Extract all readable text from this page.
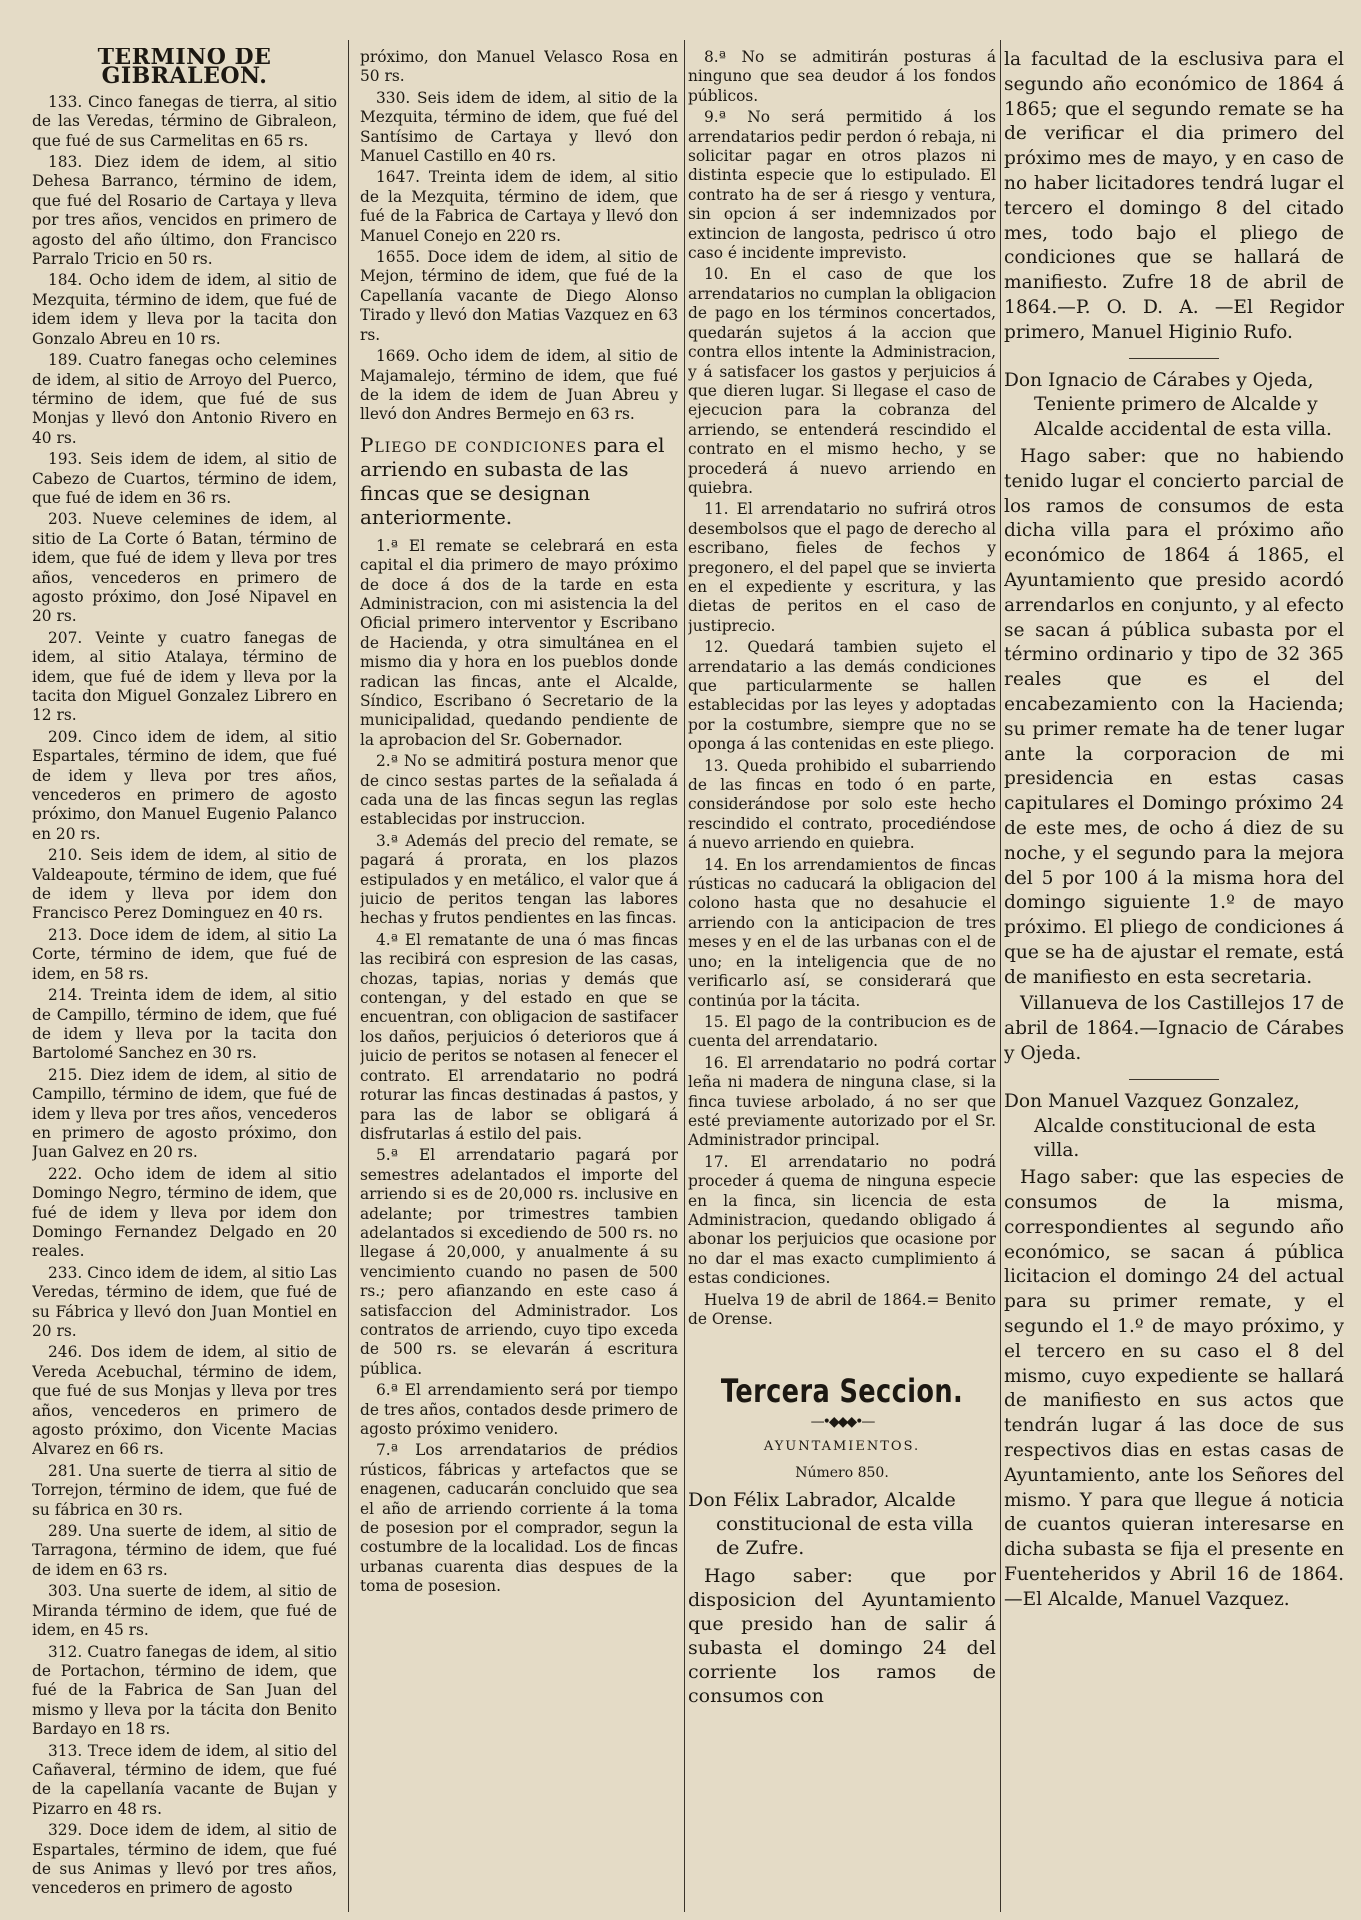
TERMINO DE GIBRALEON.

133. Cinco fanegas de tierra, al sitio de las Veredas, término de Gibraleon, que fué de sus Carmelitas en 65 rs.

183. Diez idem de idem, al sitio Dehesa Barranco, término de idem, que fué del Rosario de Cartaya y lleva por tres años, vencidos en primero de agosto del año último, don Francisco Parralo Tricio en 50 rs.

184. Ocho idem de idem, al sitio de Mezquita, término de idem, que fué de idem idem y lleva por la tacita don Gonzalo Abreu en 10 rs.

189. Cuatro fanegas ocho celemines de idem, al sitio de Arroyo del Puerco, término de idem, que fué de sus Monjas y llevó don Antonio Rivero en 40 rs.

193. Seis idem de idem, al sitio de Cabezo de Cuartos, término de idem, que fué de idem en 36 rs.

203. Nueve celemines de idem, al sitio de La Corte ó Batan, término de idem, que fué de idem y lleva por tres años, vencederos en primero de agosto próximo, don José Nipavel en 20 rs.

207. Veinte y cuatro fanegas de idem, al sitio Atalaya, término de idem, que fué de idem y lleva por la tacita don Miguel Gonzalez Librero en 12 rs.

209. Cinco idem de idem, al sitio Espartales, término de idem, que fué de idem y lleva por tres años, vencederos en primero de agosto próximo, don Manuel Eugenio Palanco en 20 rs.

210. Seis idem de idem, al sitio de Valdeapoute, término de idem, que fué de idem y lleva por idem don Francisco Perez Dominguez en 40 rs.

213. Doce idem de idem, al sitio La Corte, término de idem, que fué de idem, en 58 rs.

214. Treinta idem de idem, al sitio de Campillo, término de idem, que fué de idem y lleva por la tacita don Bartolomé Sanchez en 30 rs.

215. Diez idem de idem, al sitio de Campillo, término de idem, que fué de idem y lleva por tres años, vencederos en primero de agosto próximo, don Juan Galvez en 20 rs.

222. Ocho idem de idem al sitio Domingo Negro, término de idem, que fué de idem y lleva por idem don Domingo Fernandez Delgado en 20 reales.

233. Cinco idem de idem, al sitio Las Veredas, término de idem, que fué de su Fábrica y llevó don Juan Montiel en 20 rs.

246. Dos idem de idem, al sitio de Vereda Acebuchal, término de idem, que fué de sus Monjas y lleva por tres años, vencederos en primero de agosto próximo, don Vicente Macias Alvarez en 66 rs.

281. Una suerte de tierra al sitio de Torrejon, término de idem, que fué de su fábrica en 30 rs.

289. Una suerte de idem, al sitio de Tarragona, término de idem, que fué de idem en 63 rs.

303. Una suerte de idem, al sitio de Miranda término de idem, que fué de idem, en 45 rs.

312. Cuatro fanegas de idem, al sitio de Portachon, término de idem, que fué de la Fabrica de San Juan del mismo y lleva por la tácita don Benito Bardayo en 18 rs.

313. Trece idem de idem, al sitio del Cañaveral, término de idem, que fué de la capellanía vacante de Bujan y Pizarro en 48 rs.

329. Doce idem de idem, al sitio de Espartales, término de idem, que fué de sus Animas y llevó por tres años, vencederos en primero de agosto

próximo, don Manuel Velasco Rosa en 50 rs.

330. Seis idem de idem, al sitio de la Mezquita, término de idem, que fué del Santísimo de Cartaya y llevó don Manuel Castillo en 40 rs.

1647. Treinta idem de idem, al sitio de la Mezquita, término de idem, que fué de la Fabrica de Cartaya y llevó don Manuel Conejo en 220 rs.

1655. Doce idem de idem, al sitio de Mejon, término de idem, que fué de la Capellanía vacante de Diego Alonso Tirado y llevó don Matias Vazquez en 63 rs.

1669. Ocho idem de idem, al sitio de Majamalejo, término de idem, que fué de la idem de idem de Juan Abreu y llevó don Andres Bermejo en 63 rs.

Pliego de condiciones para el arriendo en subasta de las fincas que se designan anteriormente.

1.ª El remate se celebrará en esta capital el dia primero de mayo próximo de doce á dos de la tarde en esta Administracion, con mi asistencia la del Oficial primero interventor y Escribano de Hacienda, y otra simultánea en el mismo dia y hora en los pueblos donde radican las fincas, ante el Alcalde, Síndico, Escribano ó Secretario de la municipalidad, quedando pendiente de la aprobacion del Sr. Gobernador.

2.ª No se admitirá postura menor que de cinco sestas partes de la señalada á cada una de las fincas segun las reglas establecidas por instruccion.

3.ª Además del precio del remate, se pagará á prorata, en los plazos estipulados y en metálico, el valor que á juicio de peritos tengan las labores hechas y frutos pendientes en las fincas.

4.ª El rematante de una ó mas fincas las recibirá con espresion de las casas, chozas, tapias, norias y demás que contengan, y del estado en que se encuentran, con obligacion de sastifacer los daños, perjuicios ó deterioros que á juicio de peritos se notasen al fenecer el contrato. El arrendatario no podrá roturar las fincas destinadas á pastos, y para las de labor se obligará á disfrutarlas á estilo del pais.

5.ª El arrendatario pagará por semestres adelantados el importe del arriendo si es de 20,000 rs. inclusive en adelante; por trimestres tambien adelantados si excediendo de 500 rs. no llegase á 20,000, y anualmente á su vencimiento cuando no pasen de 500 rs.; pero afianzando en este caso á satisfaccion del Administrador. Los contratos de arriendo, cuyo tipo exceda de 500 rs. se elevarán á escritura pública.

6.ª El arrendamiento será por tiempo de tres años, contados desde primero de agosto próximo venidero.

7.ª Los arrendatarios de prédios rústicos, fábricas y artefactos que se enagenen, caducarán concluido que sea el año de arriendo corriente á la toma de posesion por el comprador, segun la costumbre de la localidad. Los de fincas urbanas cuarenta dias despues de la toma de posesion.

8.ª No se admitirán posturas á ninguno que sea deudor á los fondos públicos.

9.ª No será permitido á los arrendatarios pedir perdon ó rebaja, ni solicitar pagar en otros plazos ni distinta especie que lo estipulado. El contrato ha de ser á riesgo y ventura, sin opcion á ser indemnizados por extincion de langosta, pedrisco ú otro caso é incidente imprevisto.

10. En el caso de que los arrendatarios no cumplan la obligacion de pago en los términos concertados, quedarán sujetos á la accion que contra ellos intente la Administracion, y á satisfacer los gastos y perjuicios á que dieren lugar. Si llegase el caso de ejecucion para la cobranza del arriendo, se entenderá rescindido el contrato en el mismo hecho, y se procederá á nuevo arriendo en quiebra.

11. El arrendatario no sufrirá otros desembolsos que el pago de derecho al escribano, fieles de fechos y pregonero, el del papel que se invierta en el expediente y escritura, y las dietas de peritos en el caso de justiprecio.

12. Quedará tambien sujeto el arrendatario a las demás condiciones que particularmente se hallen establecidas por las leyes y adoptadas por la costumbre, siempre que no se oponga á las contenidas en este pliego.

13. Queda prohibido el subarriendo de las fincas en todo ó en parte, considerándose por solo este hecho rescindido el contrato, procediéndose á nuevo arriendo en quiebra.

14. En los arrendamientos de fincas rústicas no caducará la obligacion del colono hasta que no desahucie el arriendo con la anticipacion de tres meses y en el de las urbanas con el de uno; en la inteligencia que de no verificarlo así, se considerará que continúa por la tácita.

15. El pago de la contribucion es de cuenta del arrendatario.

16. El arrendatario no podrá cortar leña ni madera de ninguna clase, si la finca tuviese arbolado, á no ser que esté previamente autorizado por el Sr. Administrador principal.

17. El arrendatario no podrá proceder á quema de ninguna especie en la finca, sin licencia de esta Administracion, quedando obligado á abonar los perjuicios que ocasione por no dar el mas exacto cumplimiento á estas condiciones.

Huelva 19 de abril de 1864.= Benito de Orense.

Tercera Seccion.

—•◆◆◆•—

AYUNTAMIENTOS.

Número 850.

Don Félix Labrador, Alcalde constitucional de esta villa de Zufre.

Hago saber: que por disposicion del Ayuntamiento que presido han de salir á subasta el domingo 24 del corriente los ramos de consumos con

la facultad de la esclusiva para el segundo año económico de 1864 á 1865; que el segundo remate se ha de verificar el dia primero del próximo mes de mayo, y en caso de no haber licitadores tendrá lugar el tercero el domingo 8 del citado mes, todo bajo el pliego de condiciones que se hallará de manifiesto. Zufre 18 de abril de 1864.—P. O. D. A. —El Regidor primero, Manuel Higinio Rufo.

Don Ignacio de Cárabes y Ojeda, Teniente primero de Alcalde y Alcalde accidental de esta villa.

Hago saber: que no habiendo tenido lugar el concierto parcial de los ramos de consumos de esta dicha villa para el próximo año económico de 1864 á 1865, el Ayuntamiento que presido acordó arrendarlos en conjunto, y al efecto se sacan á pública subasta por el término ordinario y tipo de 32 365 reales que es el del encabezamiento con la Hacienda; su primer remate ha de tener lugar ante la corporacion de mi presidencia en estas casas capitulares el Domingo próximo 24 de este mes, de ocho á diez de su noche, y el segundo para la mejora del 5 por 100 á la misma hora del domingo siguiente 1.º de mayo próximo. El pliego de condiciones á que se ha de ajustar el remate, está de manifiesto en esta secretaria.

Villanueva de los Castillejos 17 de abril de 1864.—Ignacio de Cárabes y Ojeda.

Don Manuel Vazquez Gonzalez, Alcalde constitucional de esta villa.

Hago saber: que las especies de consumos de la misma, correspondientes al segundo año económico, se sacan á pública licitacion el domingo 24 del actual para su primer remate, y el segundo el 1.º de mayo próximo, y el tercero en su caso el 8 del mismo, cuyo expediente se hallará de manifiesto en sus actos que tendrán lugar á las doce de sus respectivos dias en estas casas de Ayuntamiento, ante los Señores del mismo. Y para que llegue á noticia de cuantos quieran interesarse en dicha subasta se fija el presente en Fuenteheridos y Abril 16 de 1864. —El Alcalde, Manuel Vazquez.
